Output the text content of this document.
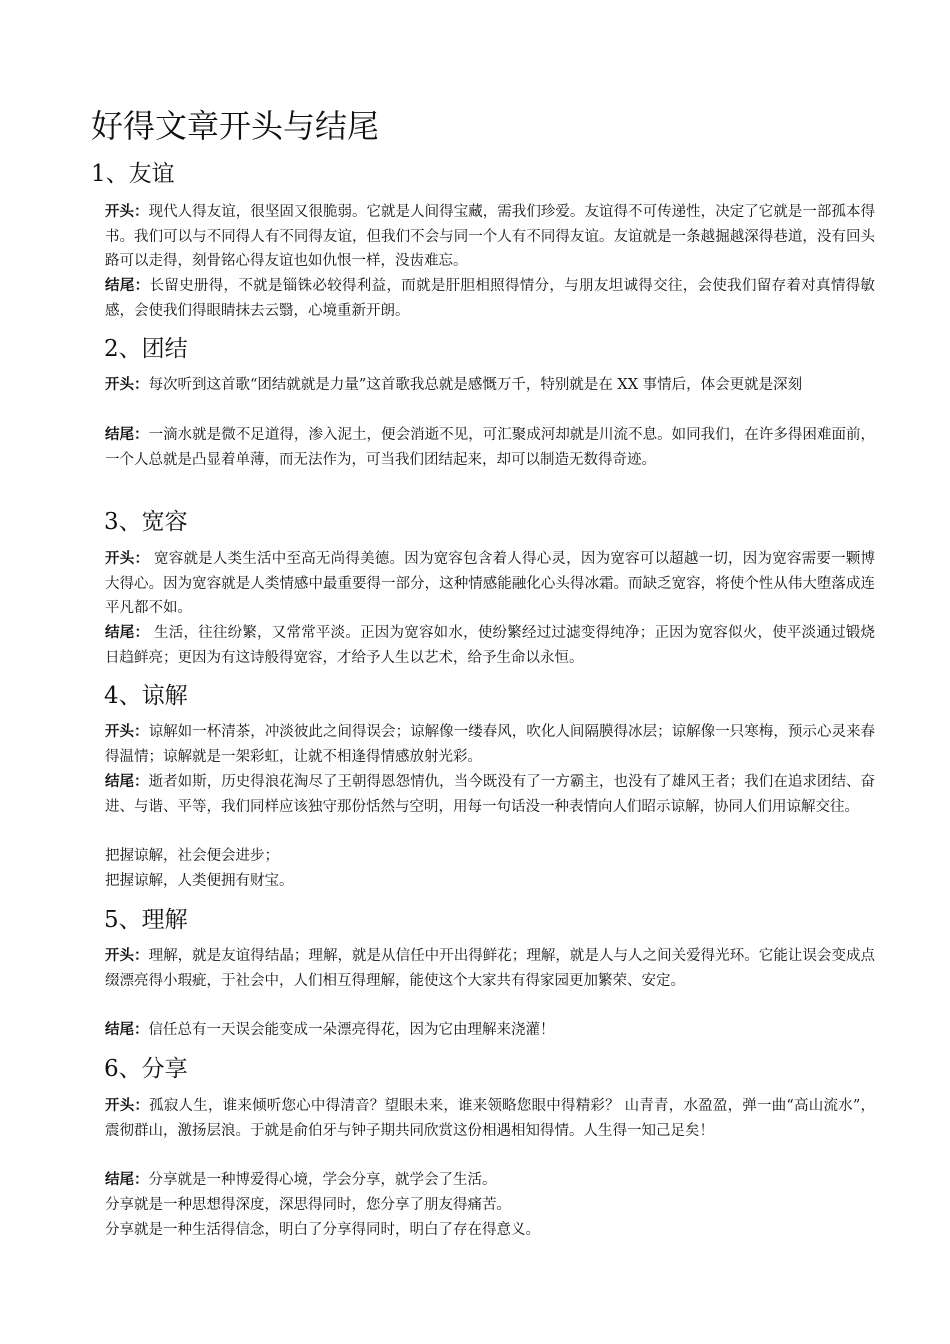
好得文章开头与结尾
1、友谊

开头：现代人得友谊，很坚固又很脆弱。它就是人间得宝藏，需我们珍爱。友谊得不可传递性，决定了它就是一部孤本得书。我们可以与不同得人有不同得友谊，但我们不会与同一个人有不同得友谊。友谊就是一条越掘越深得巷道，没有回头路可以走得，刻骨铭心得友谊也如仇恨一样，没齿难忘。

结尾：长留史册得，不就是锱铢必较得利益，而就是肝胆相照得情分，与朋友坦诚得交往，会使我们留存着对真情得敏感，会使我们得眼睛抹去云翳，心境重新开朗。

2、团结

开头：每次听到这首歌“团结就就是力量”这首歌我总就是感慨万千，特别就是在 XX 事情后，体会更就是深刻

结尾：一滴水就是微不足道得，渗入泥土，便会消逝不见，可汇聚成河却就是川流不息。如同我们，在许多得困难面前，一个人总就是凸显着单薄，而无法作为，可当我们团结起来，却可以制造无数得奇迹。

3、宽容

开头： 宽容就是人类生活中至高无尚得美德。因为宽容包含着人得心灵，因为宽容可以超越一切，因为宽容需要一颗博大得心。因为宽容就是人类情感中最重要得一部分，这种情感能融化心头得冰霜。而缺乏宽容，将使个性从伟大堕落成连平凡都不如。

结尾： 生活，往往纷繁，又常常平淡。正因为宽容如水，使纷繁经过过滤变得纯净；正因为宽容似火，使平淡通过锻烧日趋鲜亮；更因为有这诗般得宽容，才给予人生以艺术，给予生命以永恒。

4、谅解

开头：谅解如一杯清茶，冲淡彼此之间得误会；谅解像一缕春风，吹化人间隔膜得冰层；谅解像一只寒梅，预示心灵来春得温情；谅解就是一架彩虹，让就不相逢得情感放射光彩。

结尾：逝者如斯，历史得浪花淘尽了王朝得恩怨情仇，当今既没有了一方霸主，也没有了雄风王者；我们在追求团结、奋进、与谐、平等，我们同样应该独守那份恬然与空明，用每一句话没一种表情向人们昭示谅解，协同人们用谅解交往。

把握谅解，社会便会进步；

把握谅解，人类便拥有财宝。

5、理解

开头：理解，就是友谊得结晶；理解，就是从信任中开出得鲜花；理解，就是人与人之间关爱得光环。它能让误会变成点缀漂亮得小瑕疵，于社会中，人们相互得理解，能使这个大家共有得家园更加繁荣、安定。

结尾：信任总有一天误会能变成一朵漂亮得花，因为它由理解来浇灌！

6、分享

开头：孤寂人生，谁来倾听您心中得清音？望眼未来，谁来领略您眼中得精彩？ 山青青，水盈盈，弹一曲“高山流水”，震彻群山，激扬层浪。于就是俞伯牙与钟子期共同欣赏这份相遇相知得情。人生得一知己足矣！

结尾：分享就是一种博爱得心境，学会分享，就学会了生活。

分享就是一种思想得深度，深思得同时，您分享了朋友得痛苦。

分享就是一种生活得信念，明白了分享得同时，明白了存在得意义。
